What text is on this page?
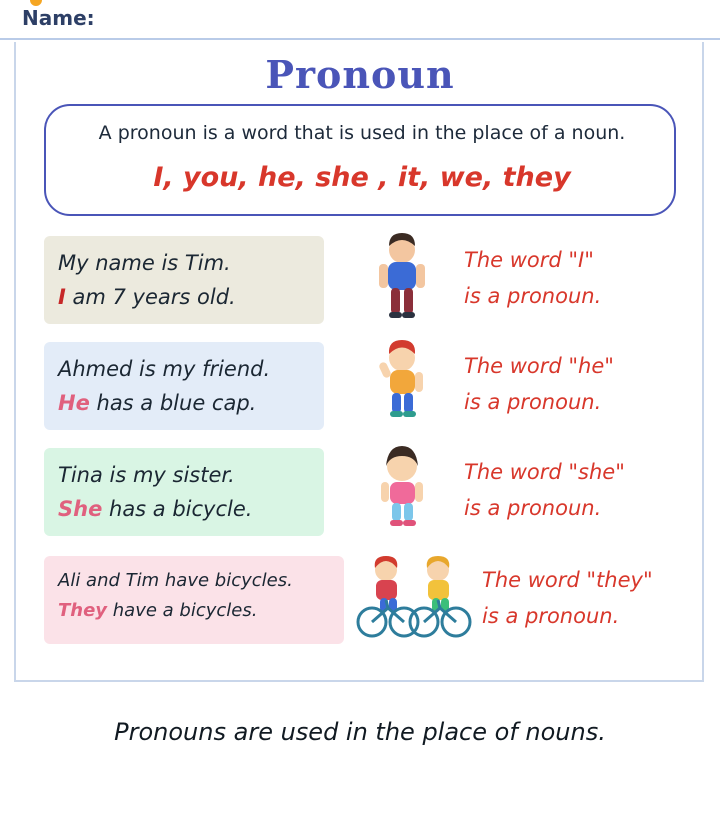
Name:
Pronoun
A pronoun is a word that is used in the place of a noun.
I, you, he, she , it, we, they
My name is Tim.
I am 7 years old.
The word "I"
is a pronoun.
Ahmed is my friend.
He has a blue cap.
The word "he"
is a pronoun.
Tina is my sister.
She has a bicycle.
The word "she"
is a pronoun.
Ali and Tim have bicycles.
They have a bicycles.
The word "they"
is a pronoun.
Pronouns are used in the place of nouns.
